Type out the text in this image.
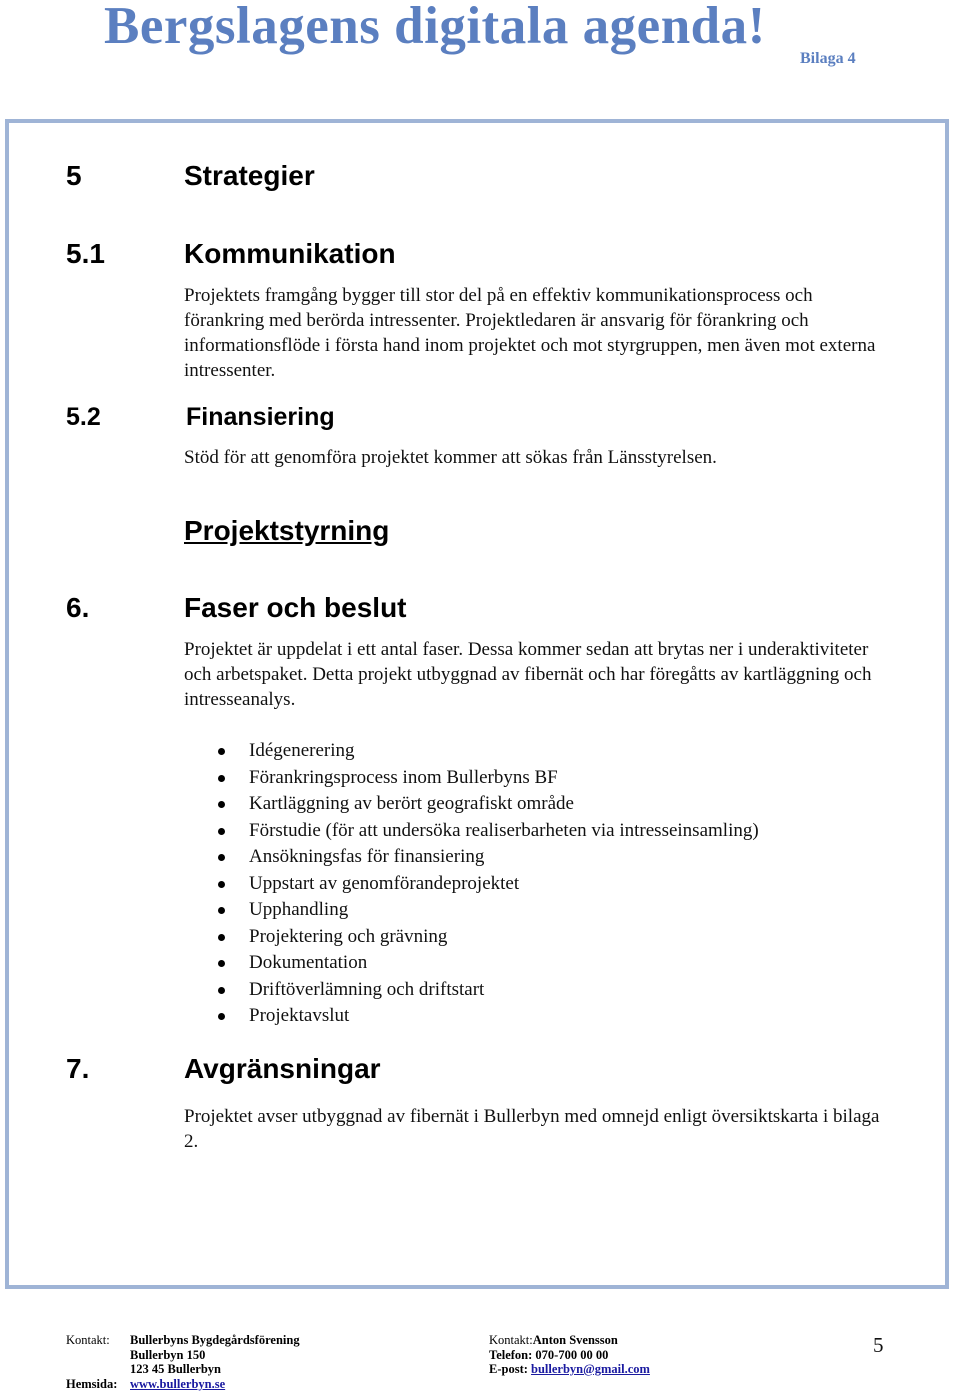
Bergslagens digitala agenda!
Bilaga 4
5	Strategier
5.1	Kommunikation
Projektets framgång bygger till stor del på en effektiv kommunikationsprocess och förankring med berörda intressenter. Projektledaren är ansvarig för förankring och informationsflöde i första hand inom projektet och mot styrgruppen, men även mot externa intressenter.
5.2	Finansiering
Stöd för att genomföra projektet kommer att sökas från Länsstyrelsen.
Projektstyrning
6.	Faser och beslut
Projektet är uppdelat i ett antal faser. Dessa kommer sedan att brytas ner i underaktiviteter och arbetspaket. Detta projekt utbyggnad av fibernät och har föregåtts av kartläggning och intresseanalys.
Idégenerering
Förankringsprocess inom Bullerbyns BF
Kartläggning av berört geografiskt område
Förstudie (för att undersöka realiserbarheten via intresseinsamling)
Ansökningsfas för finansiering
Uppstart av genomförandeprojektet
Upphandling
Projektering och grävning
Dokumentation
Driftöverlämning och driftstart
Projektavslut
7.	Avgränsningar
Projektet avser utbyggnad av fibernät i Bullerbyn med omnejd enligt översiktskarta i bilaga 2.
Kontakt: Bullerbyns Bygdegårdsförening
Bullerbyn 150
123 45 Bullerbyn
Hemsida: www.bullerbyn.se
Kontakt:Anton Svensson
Telefon: 070-700 00 00
E-post: bullerbyn@gmail.com
5
